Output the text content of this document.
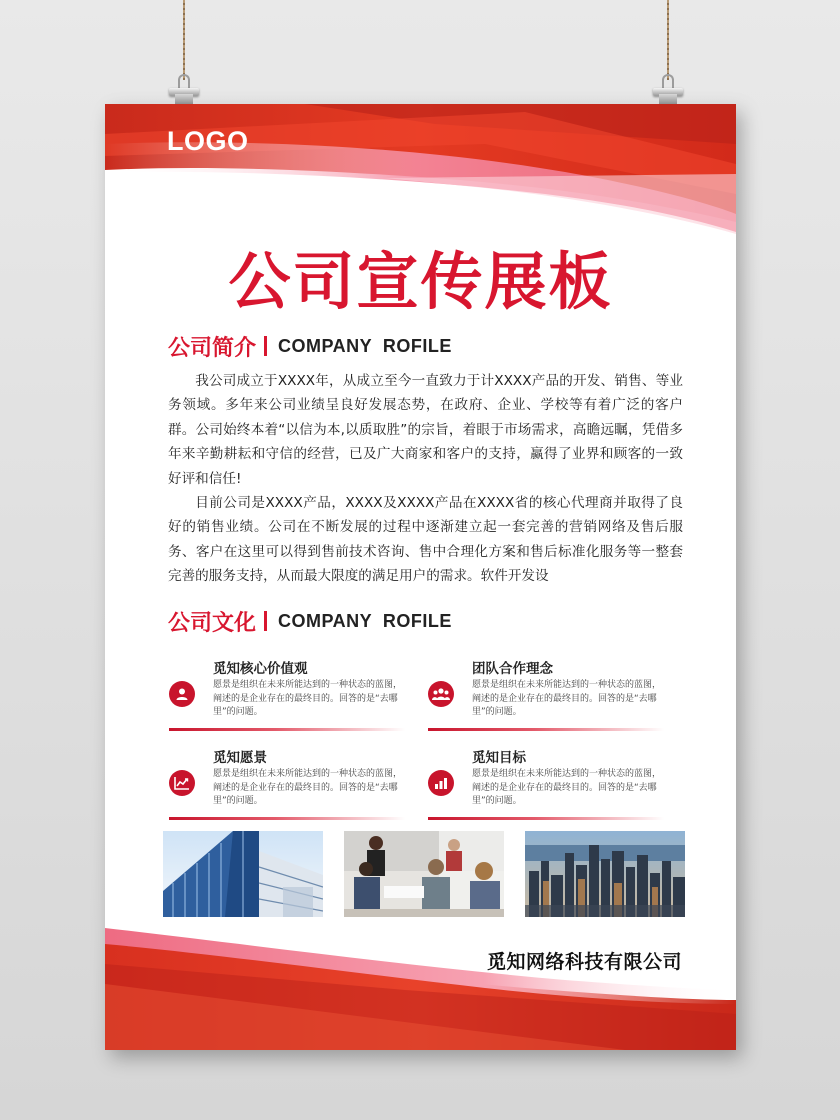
LOGO
公司宣传展板
公司简介 COMPANY  ROFILE

我公司成立于XXXX年，从成立至今一直致力于计XXXX产品的开发、销售、等业务领域。多年来公司业绩呈良好发展态势，在政府、企业、学校等有着广泛的客户群。公司始终本着“以信为本,以质取胜”的宗旨，着眼于市场需求，高瞻远瞩，凭借多年来辛勤耕耘和守信的经营，已及广大商家和客户的支持，赢得了业界和顾客的一致好评和信任!

目前公司是XXXX产品，XXXX及XXXX产品在XXXX省的核心代理商并取得了良好的销售业绩。公司在不断发展的过程中逐渐建立起一套完善的营销网络及售后服务、客户在这里可以得到售前技术咨询、售中合理化方案和售后标准化服务等一整套完善的服务支持，从而最大限度的满足用户的需求。软件开发设

公司文化 COMPANY  ROFILE
觅知核心价值观

愿景是组织在未来所能达到的一种状态的蓝图，阐述的是企业存在的最终目的。回答的是“去哪里”的问题。

团队合作理念

愿景是组织在未来所能达到的一种状态的蓝图，阐述的是企业存在的最终目的。回答的是“去哪里”的问题。

觅知愿景

愿景是组织在未来所能达到的一种状态的蓝图，阐述的是企业存在的最终目的。回答的是“去哪里”的问题。

觅知目标

愿景是组织在未来所能达到的一种状态的蓝图，阐述的是企业存在的最终目的。回答的是“去哪里”的问题。

觅知网络科技有限公司
